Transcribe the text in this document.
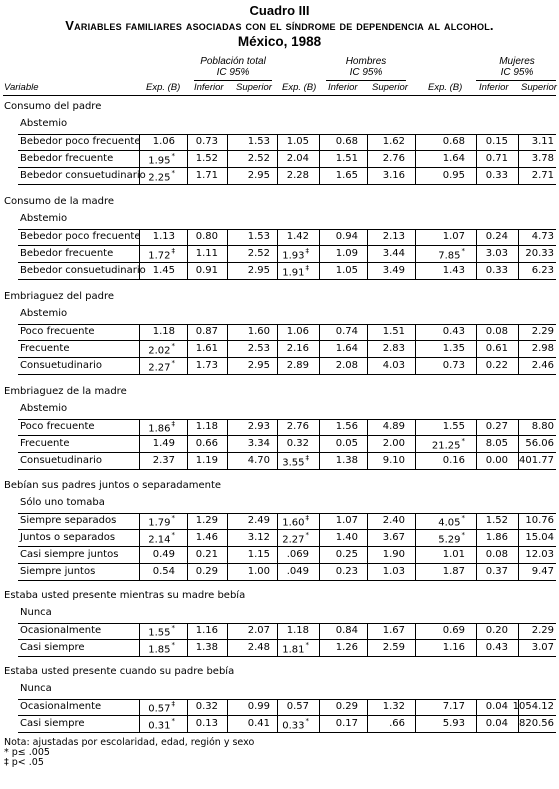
Cuadro III
Variables familiares asociadas con el síndrome de dependencia al alcohol.
México, 1988
Población total
IC 95%
Hombres
IC 95%
Mujeres
IC 95%
Variable	Exp. (B) Inferior Superior Exp. (B) Inferior Superior Exp. (B) Inferior Superior
Consumo del padre
Abstemio
Bebedor poco frecuente 1.06 0.73	1.53 1.05	0.68 1.62	0.68 0.15 3.11
Bebedor frecuente	1.95* 1.52	2.52 2.04	1.51 2.76	1.64 0.71 3.78
Bebedor consuetudinario 2.25* 1.71	2.95 2.28	1.65 3.16	0.95 0.33 2.71
Consumo de la madre
Abstemio
Bebedor poco frecuente 1.13 0.80	1.53 1.42	0.94 2.13	1.07 0.24 4.73
Bebedor frecuente	1.72‡ 1.11	2.52 1.93‡	1.09 3.44	7.85* 3.03 20.33
Bebedor consuetudinario 1.45 0.91	2.95 1.91‡	1.05 3.49	1.43 0.33 6.23
Embriaguez del padre
Abstemio
Poco frecuente	1.18 0.87	1.60 1.06	0.74 1.51	0.43 0.08 2.29
Frecuente	2.02* 1.61	2.53 2.16	1.64 2.83	1.35 0.61 2.98
Consuetudinario	2.27* 1.73	2.95 2.89	2.08 4.03	0.73 0.22 2.46
Embriaguez de la madre
Abstemio
Poco frecuente	1.86‡ 1.18	2.93 2.76	1.56 4.89	1.55 0.27 8.80
Frecuente	1.49 0.66	3.34 0.32	0.05 2.00	21.25* 8.05 56.06
Consuetudinario	2.37 1.19	4.70 3.55‡	1.38 9.10	0.16 0.00 401.77
Bebían sus padres juntos o separadamente
Sólo uno tomaba
Siempre separados	1.79* 1.29	2.49 1.60‡	1.07 2.40	4.05* 1.52 10.76
Juntos o separados	2.14* 1.46	3.12 2.27*	1.40 3.67	5.29* 1.86 15.04
Casi siempre juntos	0.49 0.21	1.15 .069	0.25 1.90	1.01 0.08 12.03
Siempre juntos	0.54 0.29	1.00 .049	0.23 1.03	1.87 0.37 9.47
Estaba usted presente mientras su madre bebía
Nunca
Ocasionalmente	1.55* 1.16	2.07 1.18	0.84 1.67	0.69 0.20 2.29
Casi siempre	1.85* 1.38	2.48 1.81*	1.26 2.59	1.16 0.43 3.07
Estaba usted presente cuando su padre bebía
Nunca
Ocasionalmente	0.57‡ 0.32	0.99 0.57	0.29 1.32	7.17 0.04 1054.12
Casi siempre	0.31* 0.13	0.41 0.33*	0.17	.66	5.93 0.04 820.56
Nota: ajustadas por escolaridad, edad, región y sexo
* p≤ .005
‡ p< .05
